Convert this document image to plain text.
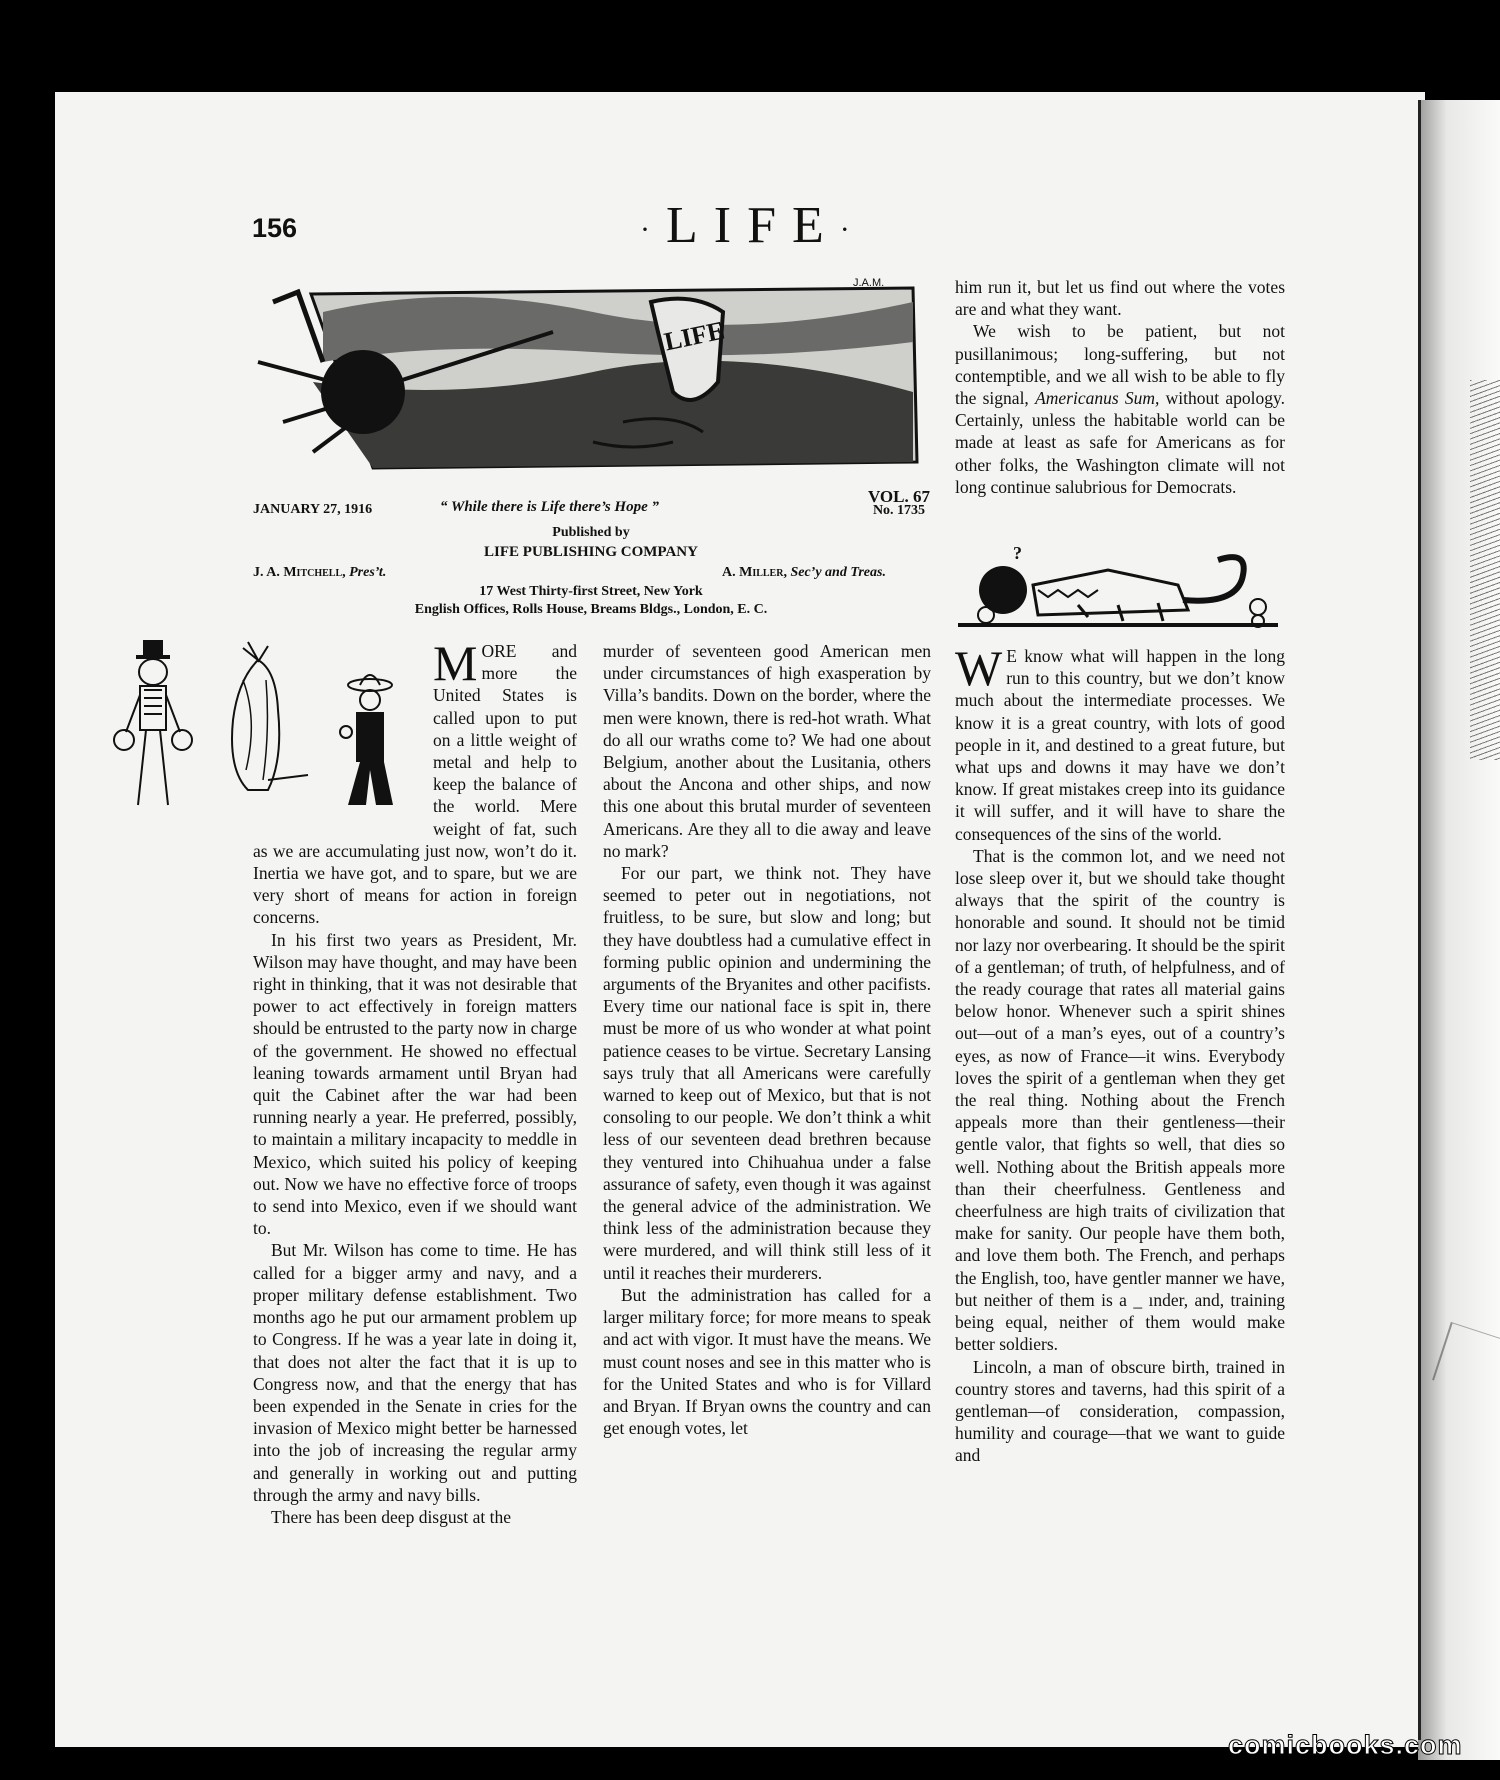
156	·LIFE·
LIFE
J.A.M.
JANUARY 27, 1916	“ While there is Life there’s Hope ”
VOL. 67
No. 1735
Published by
LIFE PUBLISHING COMPANY
J. A. Mitchell, Pres’t.	A. Miller, Sec’y and Treas.
17 West Thirty-first Street, New York
English Offices, Rolls House, Breams Bldgs., London, E. C.

MORE and more the United States is called upon to put on a little weight of metal and help to keep the balance of the world. Mere weight of fat, such as we are accumulating just now, won’t do it. Inertia we have got, and to spare, but we are very short of means for action in foreign concerns.

In his first two years as President, Mr. Wilson may have thought, and may have been right in thinking, that it was not desirable that power to act effectively in foreign matters should be entrusted to the party now in charge of the government. He showed no effectual leaning towards armament until Bryan had quit the Cabinet after the war had been running nearly a year. He preferred, possibly, to maintain a military incapacity to meddle in Mexico, which suited his policy of keeping out. Now we have no effective force of troops to send into Mexico, even if we should want to.

But Mr. Wilson has come to time. He has called for a bigger army and navy, and a proper military defense establishment. Two months ago he put our armament problem up to Congress. If he was a year late in doing it, that does not alter the fact that it is up to Congress now, and that the energy that has been expended in the Senate in cries for the invasion of Mexico might better be harnessed into the job of increasing the regular army and generally in working out and putting through the army and navy bills.

There has been deep disgust at the

murder of seventeen good American men under circumstances of high exasperation by Villa’s bandits. Down on the border, where the men were known, there is red-hot wrath. What do all our wraths come to? We had one about Belgium, another about the Lusitania, others about the Ancona and other ships, and now this one about this brutal murder of seventeen Americans. Are they all to die away and leave no mark?

For our part, we think not. They have seemed to peter out in negotiations, not fruitless, to be sure, but slow and long; but they have doubtless had a cumulative effect in forming public opinion and undermining the arguments of the Bryanites and other pacifists. Every time our national face is spit in, there must be more of us who wonder at what point patience ceases to be virtue. Secretary Lansing says truly that all Americans were carefully warned to keep out of Mexico, but that is not consoling to our people. We don’t think a whit less of our seventeen dead brethren because they ventured into Chihuahua under a false assurance of safety, even though it was against the general advice of the administration. We think less of the administration because they were murdered, and will think still less of it until it reaches their murderers.

But the administration has called for a larger military force; for more means to speak and act with vigor. It must have the means. We must count noses and see in this matter who is for the United States and who is for Villard and Bryan. If Bryan owns the country and can get enough votes, let

him run it, but let us find out where the votes are and what they want.

We wish to be patient, but not pusillanimous; long-suffering, but not contemptible, and we all wish to be able to fly the signal, Americanus Sum, without apology. Certainly, unless the habitable world can be made at least as safe for Americans as for other folks, the Washington climate will not long continue salubrious for Democrats.

?

W E know what will happen in the long run to this country, but we don’t know much about the intermediate processes. We know it is a great country, with lots of good people in it, and destined to a great future, but what ups and downs it may have we don’t know. If great mistakes creep into its guidance it will suffer, and it will have to share the consequences of the sins of the world.

That is the common lot, and we need not lose sleep over it, but we should take thought always that the spirit of the country is honorable and sound. It should not be timid nor lazy nor overbearing. It should be the spirit of a gentleman; of truth, of helpfulness, and of the ready courage that rates all material gains below honor. Whenever such a spirit shines out—out of a man’s eyes, out of a country’s eyes, as now of France—it wins. Everybody loves the spirit of a gentleman when they get the real thing. Nothing about the French appeals more than their gentleness—their gentle valor, that fights so well, that dies so well. Nothing about the British appeals more than their cheerfulness. Gentleness and cheerfulness are high traits of civilization that make for sanity. Our people have them both, and love them both. The French, and perhaps the English, too, have gentler manner we have, but neither of them is a _ ınder, and, training being equal, neither of them would make better soldiers.

Lincoln, a man of obscure birth, trained in country stores and taverns, had this spirit of a gentleman—of consideration, compassion, humility and courage—that we want to guide and

comicbooks.com
